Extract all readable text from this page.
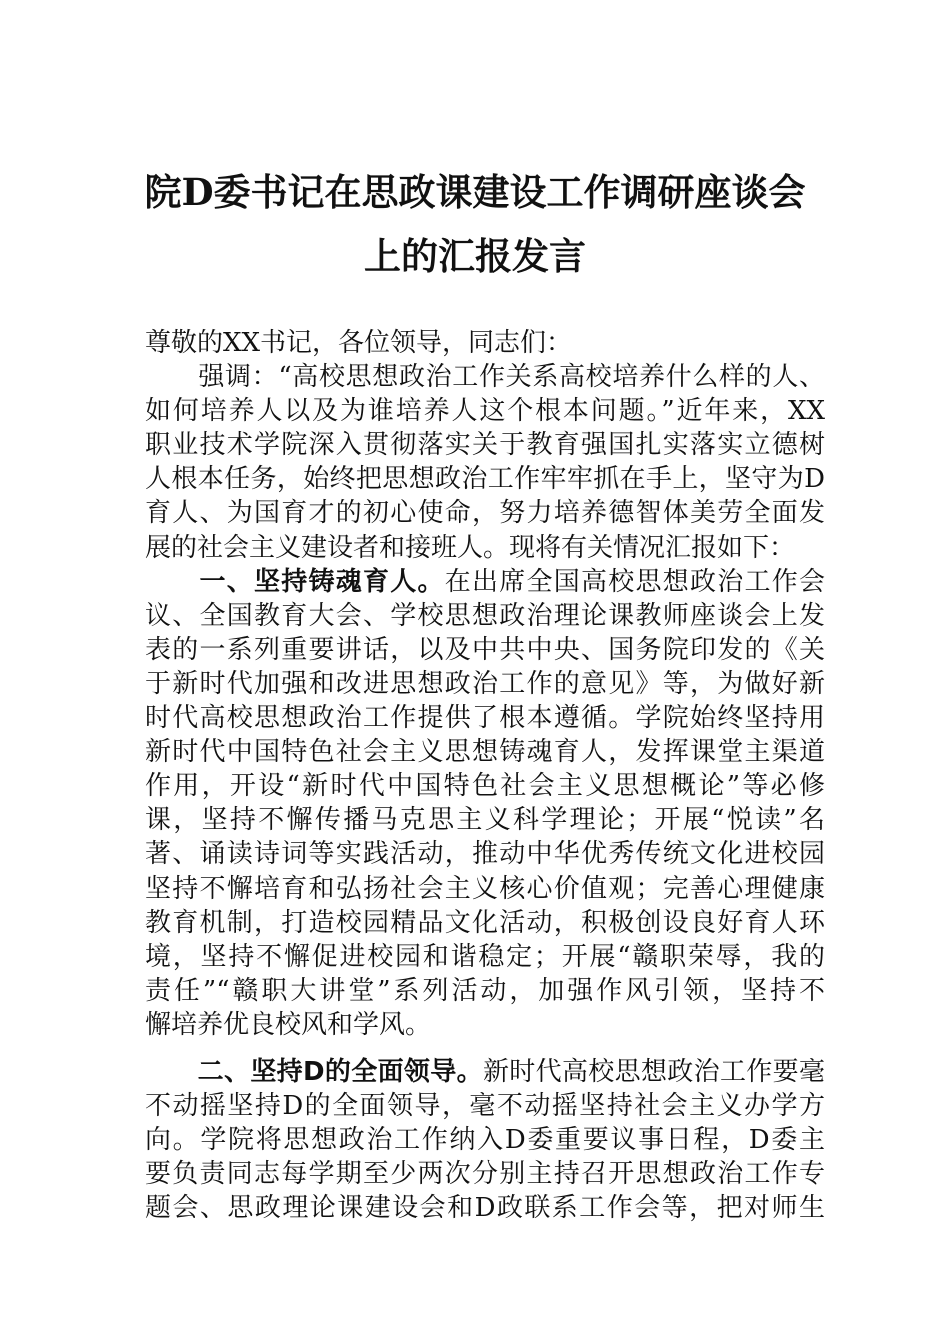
院D委书记在思政课建设工作调研座谈会
上的汇报发言
尊敬的XX书记，各位领导，同志们：
　　强调：“高校思想政治工作关系高校培养什么样的人、
如何培养人以及为谁培养人这个根本问题。”近年来，XX
职业技术学院深入贯彻落实关于教育强国扎实落实立德树
人根本任务，始终把思想政治工作牢牢抓在手上，坚守为D
育人、为国育才的初心使命，努力培养德智体美劳全面发
展的社会主义建设者和接班人。现将有关情况汇报如下：
　　一、坚持铸魂育人。在出席全国高校思想政治工作会
议、全国教育大会、学校思想政治理论课教师座谈会上发
表的一系列重要讲话，以及中共中央、国务院印发的《关
于新时代加强和改进思想政治工作的意见》等，为做好新
时代高校思想政治工作提供了根本遵循。学院始终坚持用
新时代中国特色社会主义思想铸魂育人，发挥课堂主渠道
作用，开设“新时代中国特色社会主义思想概论”等必修
课，坚持不懈传播马克思主义科学理论；开展“悦读”名
著、诵读诗词等实践活动，推动中华优秀传统文化进校园
坚持不懈培育和弘扬社会主义核心价值观；完善心理健康
教育机制，打造校园精品文化活动，积极创设良好育人环
境，坚持不懈促进校园和谐稳定；开展“赣职荣辱，我的
责任”“赣职大讲堂”系列活动，加强作风引领，坚持不
懈培养优良校风和学风。
　　二、坚持D的全面领导。新时代高校思想政治工作要毫
不动摇坚持D的全面领导，毫不动摇坚持社会主义办学方
向。学院将思想政治工作纳入D委重要议事日程，D委主
要负责同志每学期至少两次分别主持召开思想政治工作专
题会、思政理论课建设会和D政联系工作会等，把对师生
